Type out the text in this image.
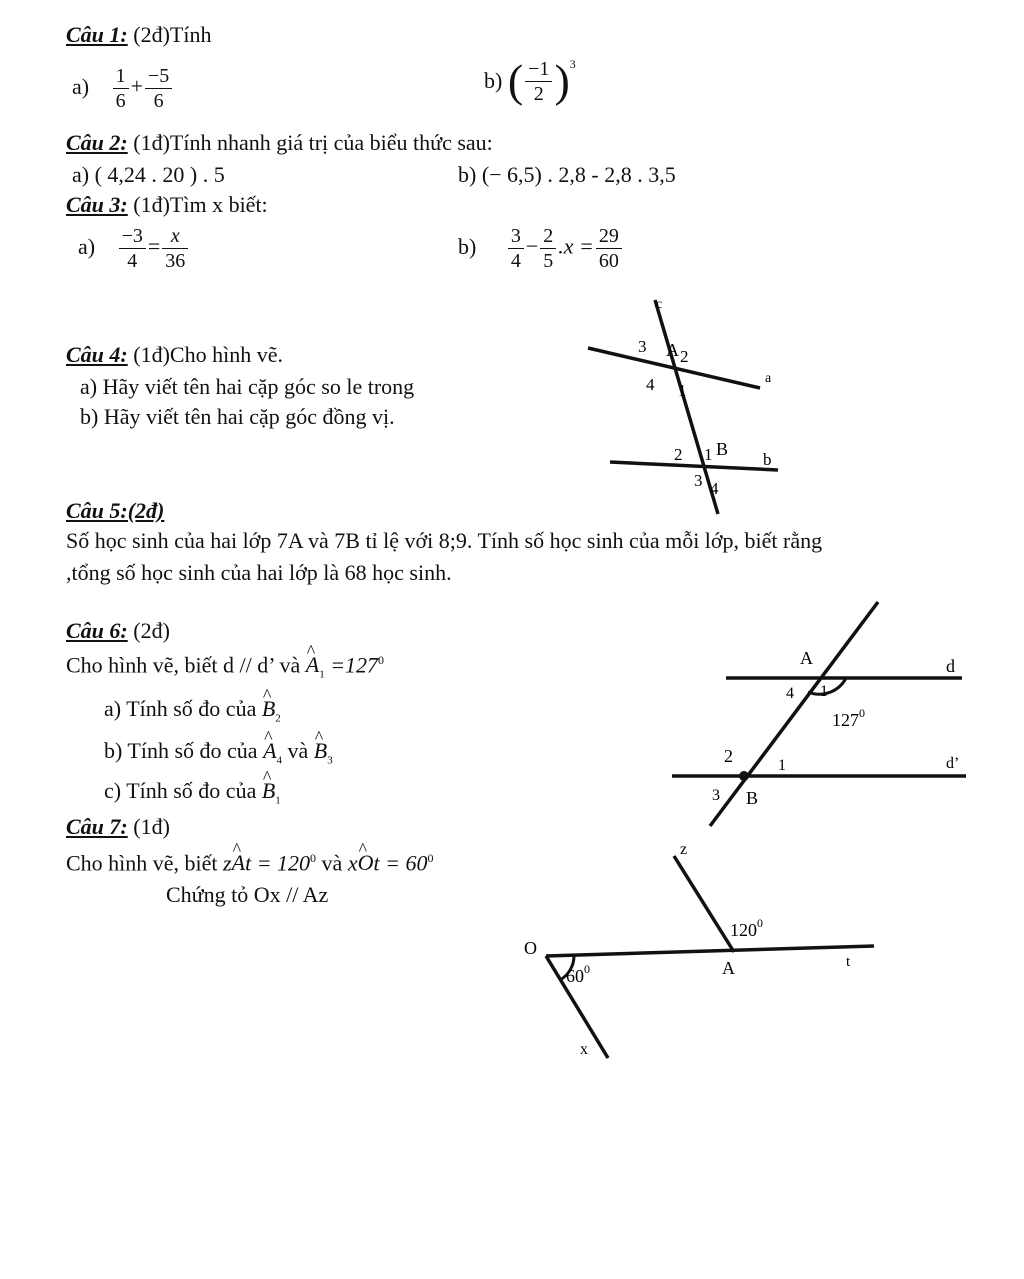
Câu 1: (2đ)Tính
$a) \frac{1}{6} + \frac{-5}{6}$	b) ( $\frac{-1}{2} )^3$
Câu 2: (1đ)Tính nhanh giá trị của biểu thức sau:
a) ( 4,24 . 20 ) . 5	b) (− 6,5) . 2,8 - 2,8 . 3,5
Câu 3: (1đ)Tìm x biết:
$a) \frac{-3}{4} = \frac{x}{36}$	$b) \frac{3}{4} - \frac{2}{5} .x = \frac{29}{60}$
Câu 4: (1đ)Cho hình vẽ.
a) Hãy viết tên hai cặp góc so le trong
b) Hãy viết tên hai cặp góc đồng vị.
c
a
b
A
3
2
4 1
2 1 B
3 4
Câu 5:(2đ)
Số học sinh của hai lớp 7A và 7B tỉ lệ với 8;9. Tính số học sinh của mỗi lớp, biết rằng
,tổng số học sinh của hai lớp là 68 học sinh.
Câu 6: (2đ)
Cho hình vẽ, biết d // d’ và ^ $A_1 =127^0$
a) Tính số đo của ^ $B_2$
b) Tính số đo của ^ $A_4$ và ^ $B_3$
c) Tính số đo của ^ $B_1$
A	d
4 1
$127^0$
2	1	d’
3 B
Câu 7: (1đ)
Cho hình vẽ, biết z^ $At = 120^0$ và x^ $Ot = 60^0$
Chứng tỏ Ox // Az
z
$120^0$
O
A	t
$60^0$
x
